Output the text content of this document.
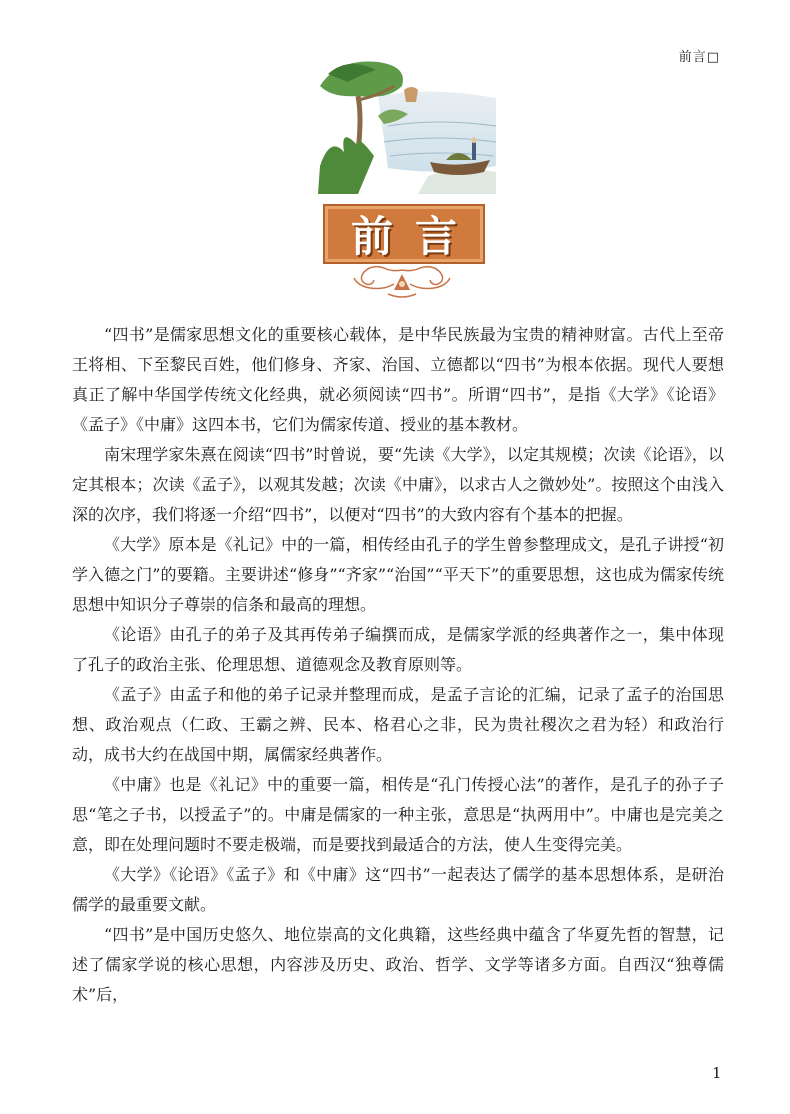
前言□
前言

“四书”是儒家思想文化的重要核心载体，是中华民族最为宝贵的精神财富。古代上至帝王将相、下至黎民百姓，他们修身、齐家、治国、立德都以“四书”为根本依据。现代人要想真正了解中华国学传统文化经典，就必须阅读“四书”。所谓“四书”，是指《大学》《论语》《孟子》《中庸》这四本书，它们为儒家传道、授业的基本教材。

南宋理学家朱熹在阅读“四书”时曾说，要“先读《大学》，以定其规模；次读《论语》，以定其根本；次读《孟子》，以观其发越；次读《中庸》，以求古人之微妙处”。按照这个由浅入深的次序，我们将逐一介绍“四书”，以便对“四书”的大致内容有个基本的把握。

《大学》原本是《礼记》中的一篇，相传经由孔子的学生曾参整理成文，是孔子讲授“初学入德之门”的要籍。主要讲述“修身”“齐家”“治国”“平天下”的重要思想，这也成为儒家传统思想中知识分子尊崇的信条和最高的理想。

《论语》由孔子的弟子及其再传弟子编撰而成，是儒家学派的经典著作之一，集中体现了孔子的政治主张、伦理思想、道德观念及教育原则等。

《孟子》由孟子和他的弟子记录并整理而成，是孟子言论的汇编，记录了孟子的治国思想、政治观点（仁政、王霸之辨、民本、格君心之非，民为贵社稷次之君为轻）和政治行动，成书大约在战国中期，属儒家经典著作。

《中庸》也是《礼记》中的重要一篇，相传是“孔门传授心法”的著作，是孔子的孙子子思“笔之子书，以授孟子”的。中庸是儒家的一种主张，意思是“执两用中”。中庸也是完美之意，即在处理问题时不要走极端，而是要找到最适合的方法，使人生变得完美。

《大学》《论语》《孟子》和《中庸》这“四书”一起表达了儒学的基本思想体系，是研治儒学的最重要文献。

“四书”是中国历史悠久、地位崇高的文化典籍，这些经典中蕴含了华夏先哲的智慧，记述了儒家学说的核心思想，内容涉及历史、政治、哲学、文学等诸多方面。自西汉“独尊儒术”后，

1
